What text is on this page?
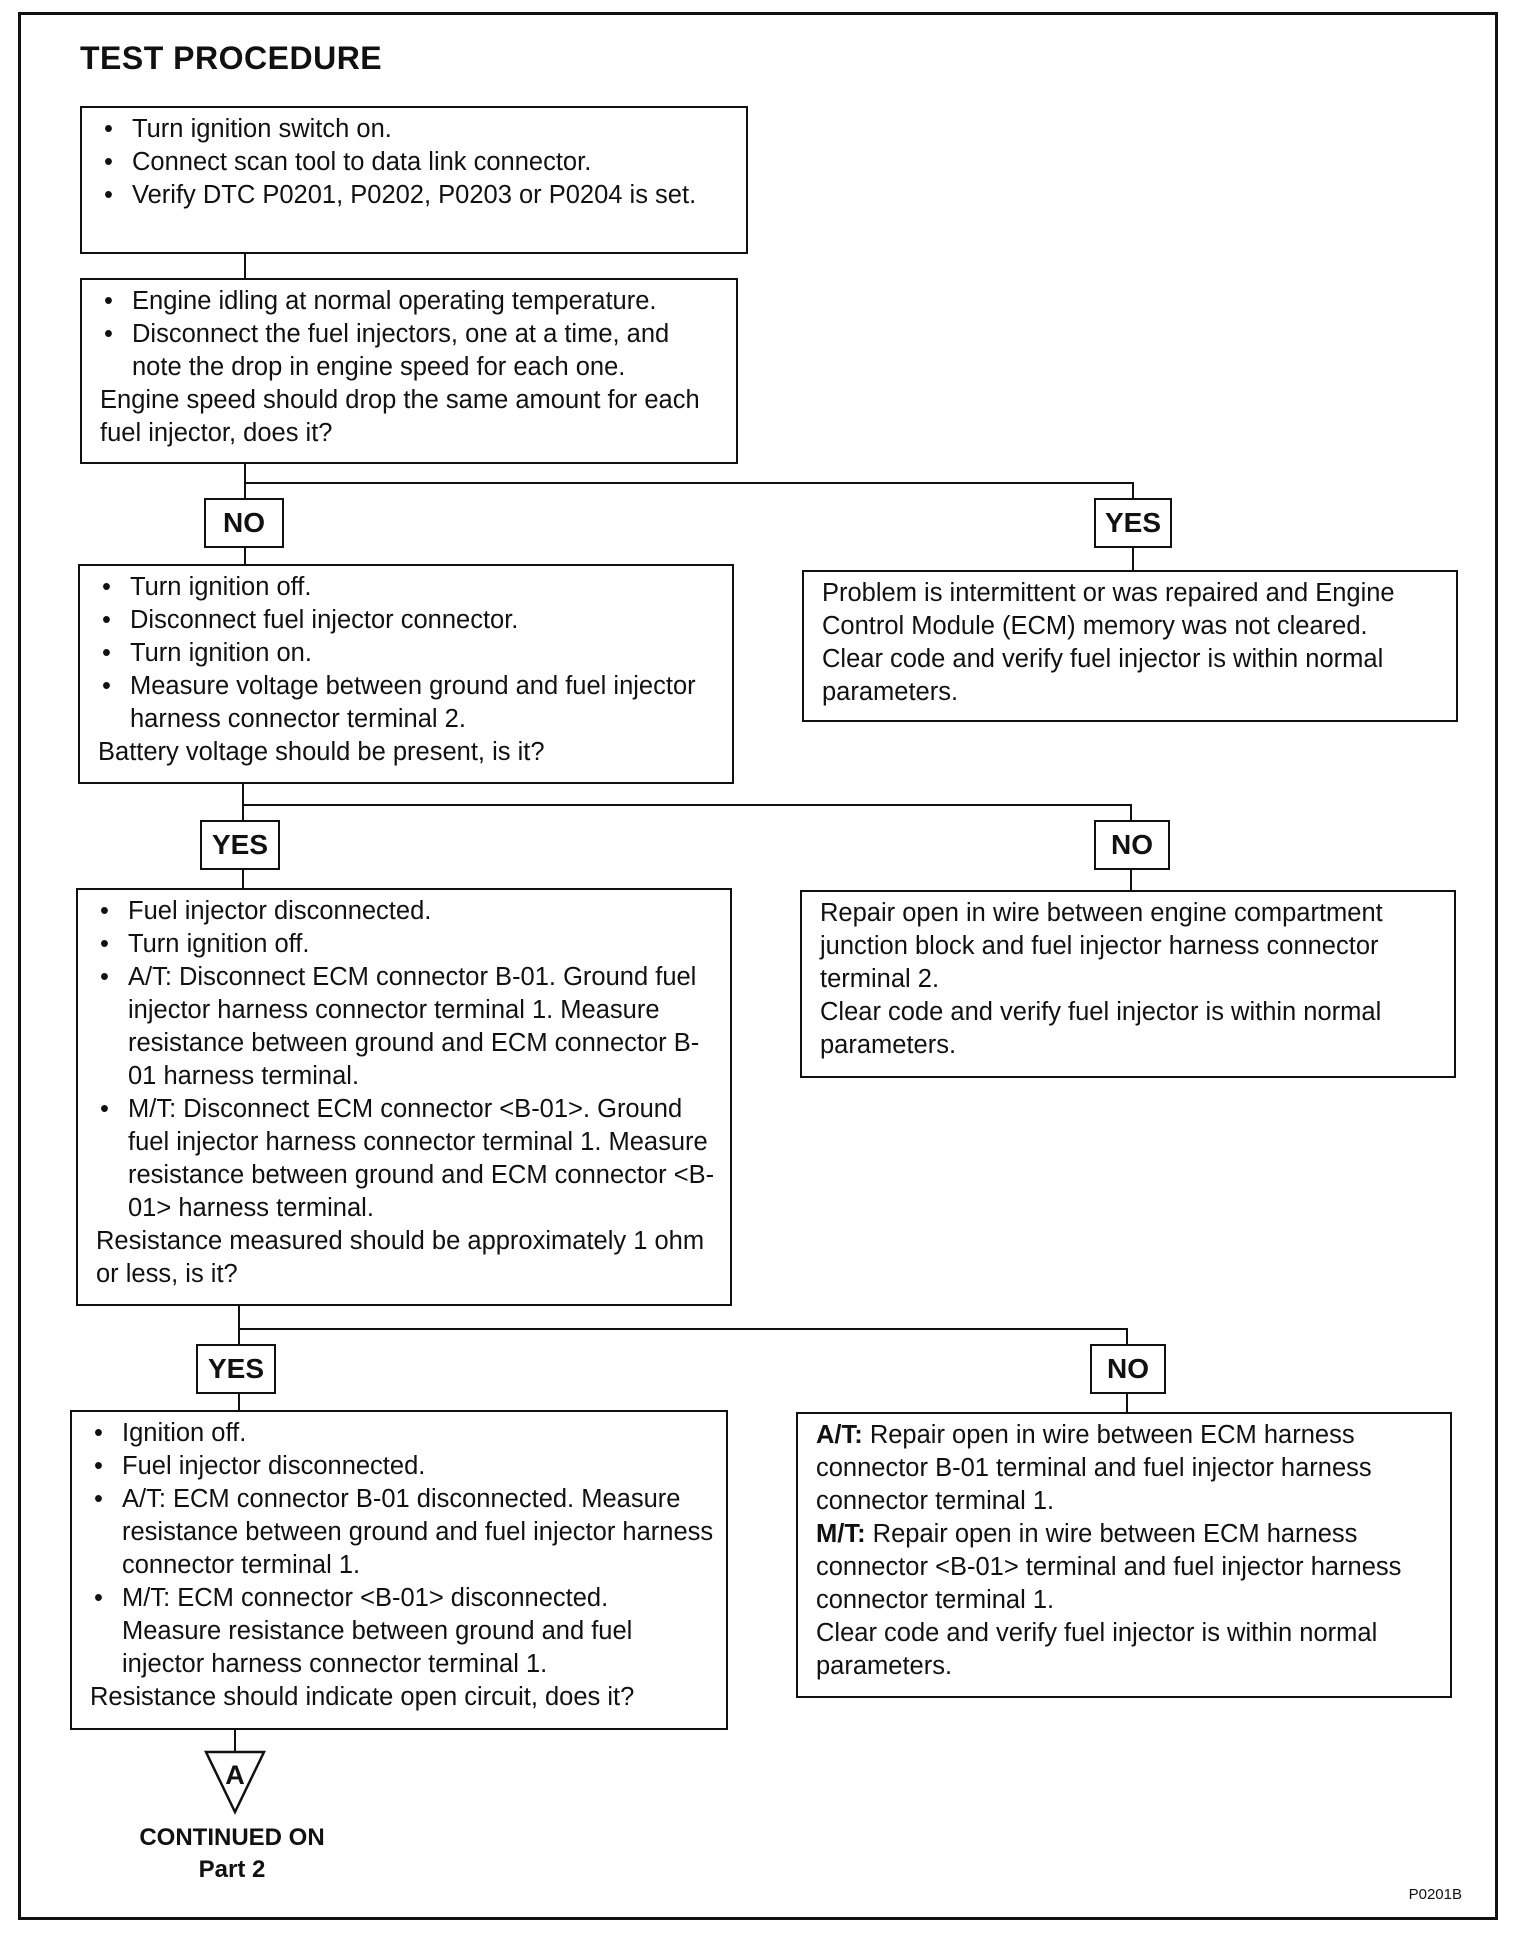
TEST PROCEDURE
• Turn ignition switch on.
• Connect scan tool to data link connector.
• Verify DTC P0201, P0202, P0203 or P0204 is set.
• Engine idling at normal operating temperature.
• Disconnect the fuel injectors, one at a time, and note the drop in engine speed for each one.

Engine speed should drop the same amount for each fuel injector, does it?

NO	YES
• Turn ignition off.
• Disconnect fuel injector connector.
• Turn ignition on.
• Measure voltage between ground and fuel injector harness connector terminal 2.

Battery voltage should be present, is it?

Problem is intermittent or was repaired and Engine Control Module (ECM) memory was not cleared.

Clear code and verify fuel injector is within normal parameters.

YES	NO
• Fuel injector disconnected.
• Turn ignition off.
• A/T: Disconnect ECM connector B-01. Ground fuel injector harness connector terminal 1. Measure resistance between ground and ECM connector B-01 harness terminal.
• M/T: Disconnect ECM connector <B-01>. Ground fuel injector harness connector terminal 1. Measure resistance between ground and ECM connector <B-01> harness terminal.

Resistance measured should be approximately 1 ohm or less, is it?

Repair open in wire between engine compartment junction block and fuel injector harness connector terminal 2.

Clear code and verify fuel injector is within normal parameters.

YES	NO
• Ignition off.
• Fuel injector disconnected.
• A/T: ECM connector B-01 disconnected. Measure resistance between ground and fuel injector harness connector terminal 1.
• M/T: ECM connector <B-01> disconnected. Measure resistance between ground and fuel injector harness connector terminal 1.

Resistance should indicate open circuit, does it?

A/T: Repair open in wire between ECM harness connector B-01 terminal and fuel injector harness connector terminal 1.

M/T: Repair open in wire between ECM harness connector <B-01> terminal and fuel injector harness connector terminal 1.

Clear code and verify fuel injector is within normal parameters.

A
CONTINUED ON
Part 2
P0201B
